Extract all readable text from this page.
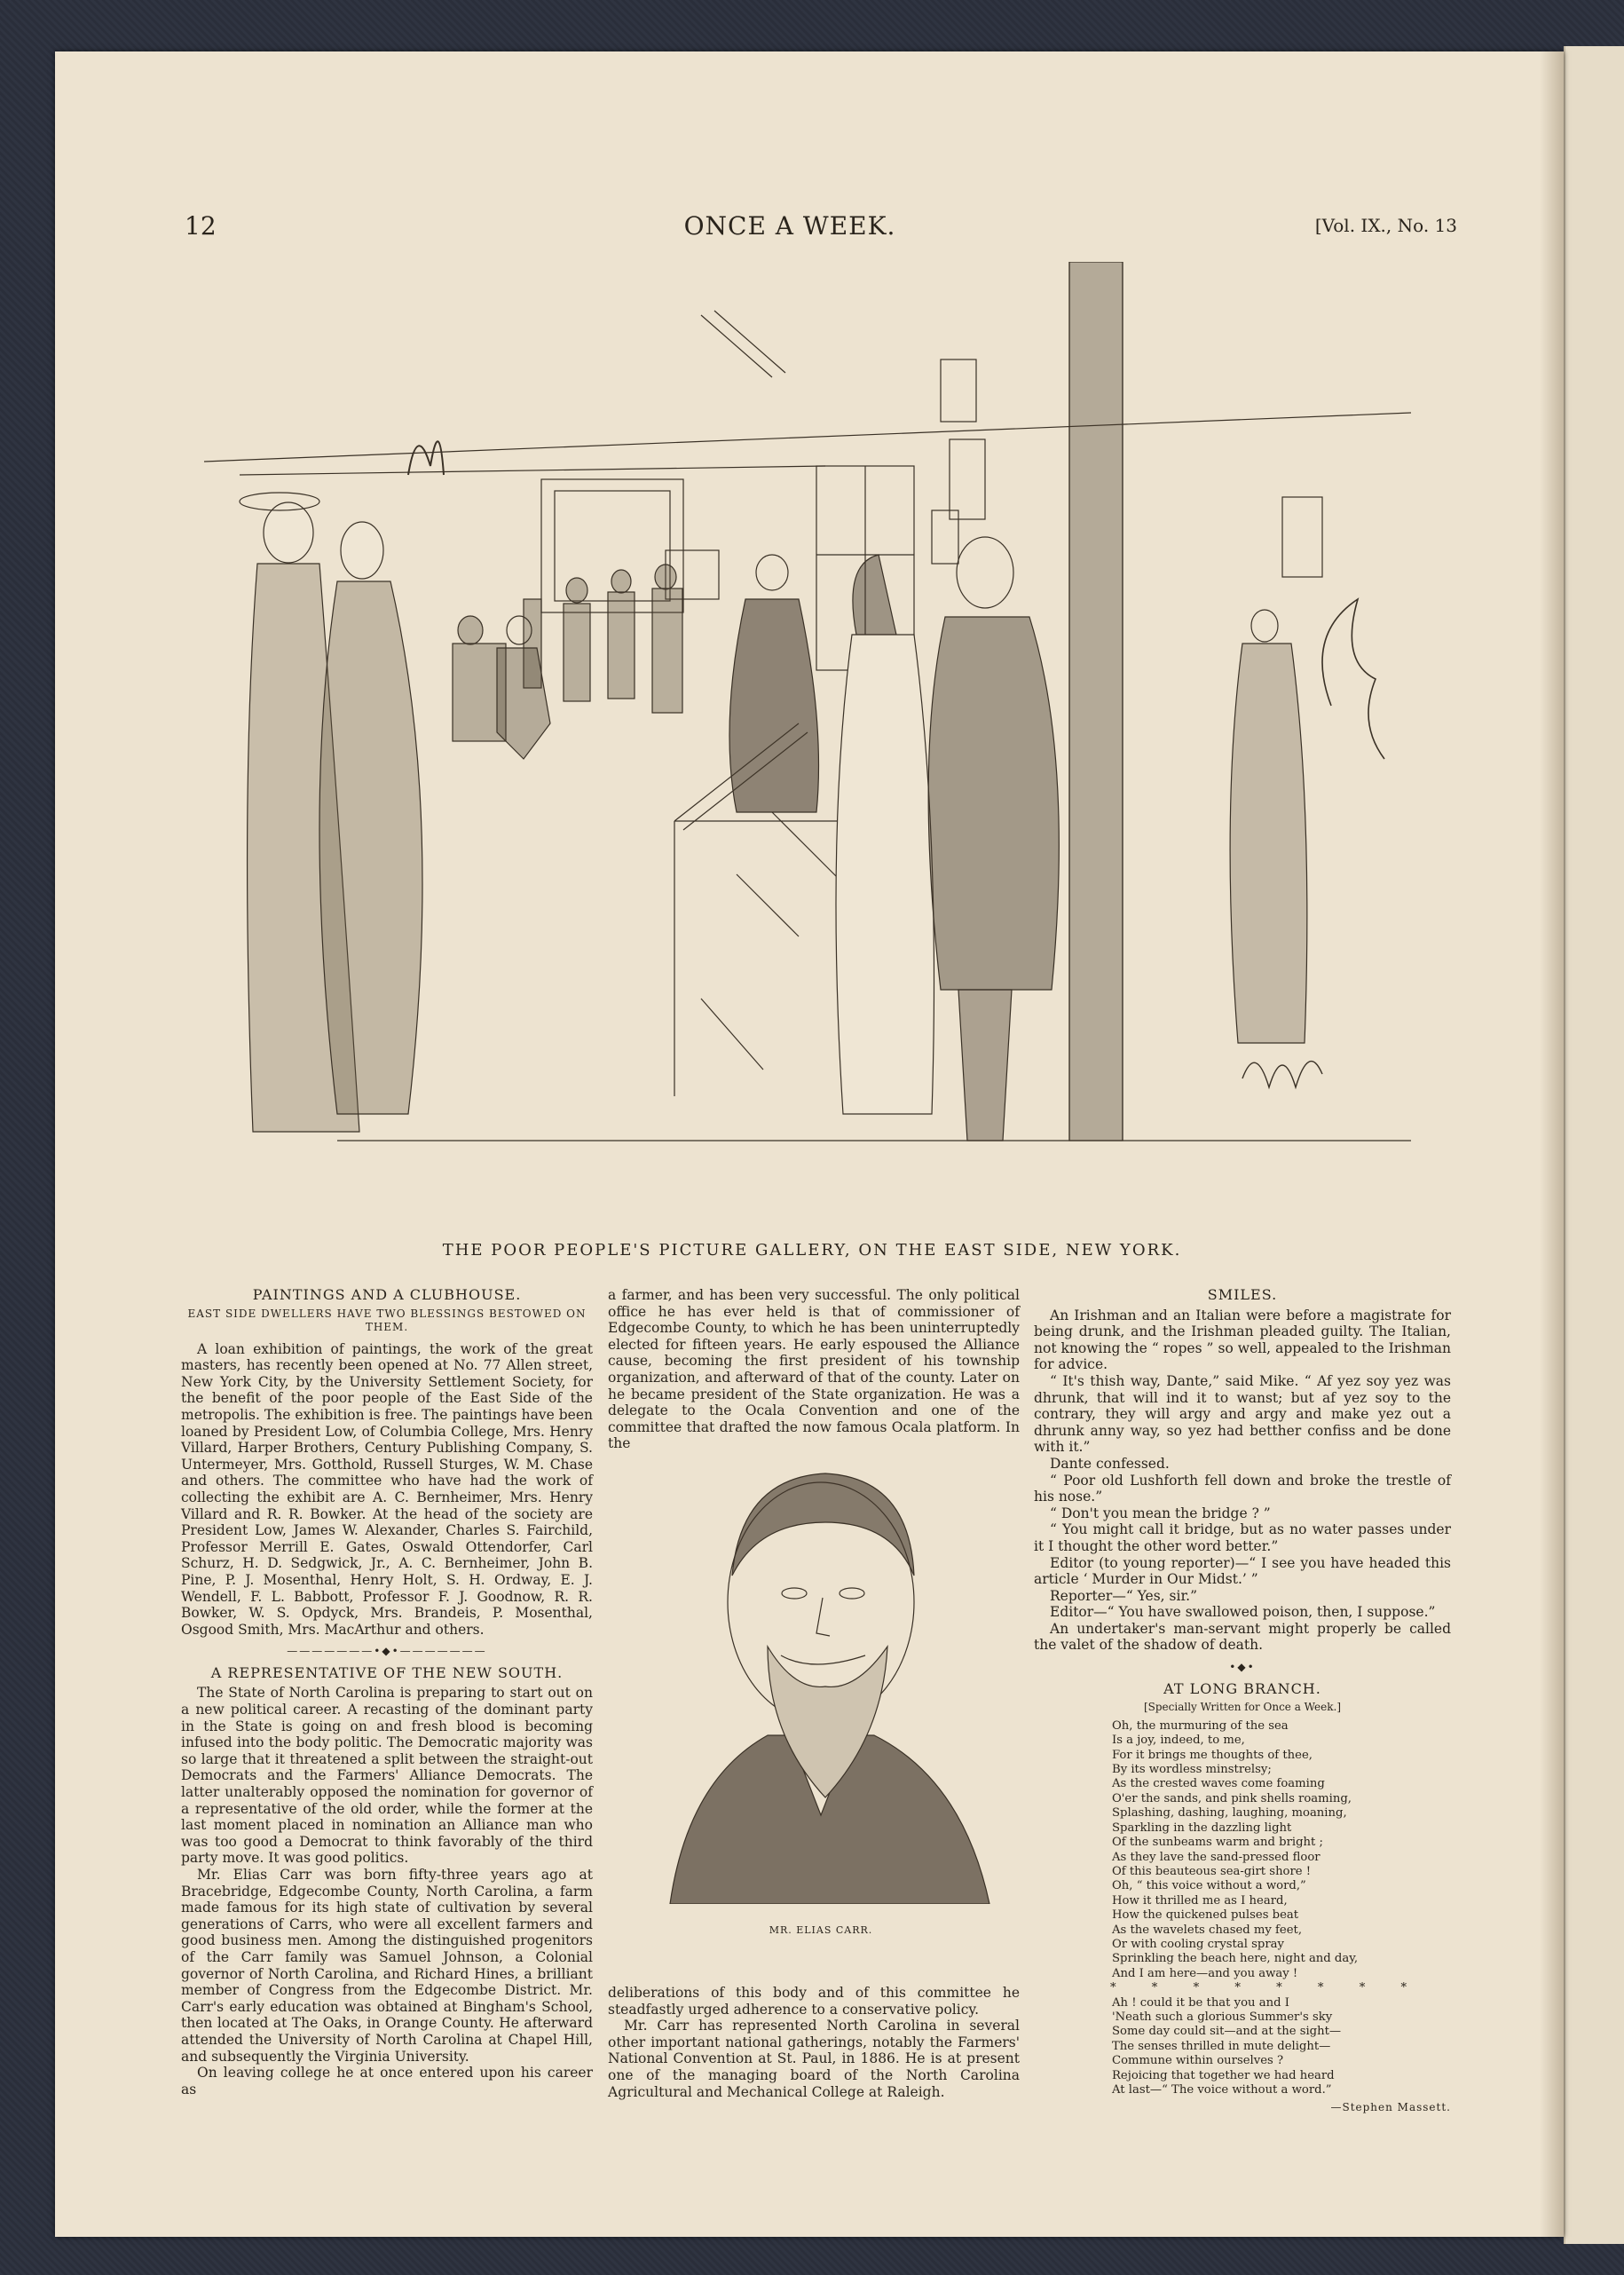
12	ONCE A WEEK.	[Vol. IX., No. 13
THE POOR PEOPLE'S PICTURE GALLERY, ON THE EAST SIDE, NEW YORK.
PAINTINGS AND A CLUBHOUSE.
EAST SIDE DWELLERS HAVE TWO BLESSINGS BESTOWED ON THEM.

A loan exhibition of paintings, the work of the great masters, has recently been opened at No. 77 Allen street, New York City, by the University Settlement Society, for the benefit of the poor people of the East Side of the metropolis. The exhibition is free. The paintings have been loaned by President Low, of Columbia College, Mrs. Henry Villard, Harper Brothers, Century Publishing Company, S. Untermeyer, Mrs. Gotthold, Russell Sturges, W. M. Chase and others. The committee who have had the work of collecting the exhibit are A. C. Bernheimer, Mrs. Henry Villard and R. R. Bowker. At the head of the society are President Low, James W. Alexander, Charles S. Fairchild, Professor Merrill E. Gates, Oswald Ottendorfer, Carl Schurz, H. D. Sedgwick, Jr., A. C. Bernheimer, John B. Pine, P. J. Mosenthal, Henry Holt, S. H. Ordway, E. J. Wendell, F. L. Babbott, Professor F. J. Goodnow, R. R. Bowker, W. S. Opdyck, Mrs. Brandeis, P. Mosenthal, Osgood Smith, Mrs. MacArthur and others.

———————•◆•———————
A REPRESENTATIVE OF THE NEW SOUTH.

The State of North Carolina is preparing to start out on a new political career. A recasting of the dominant party in the State is going on and fresh blood is becoming infused into the body politic. The Democratic majority was so large that it threatened a split between the straight-out Democrats and the Farmers' Alliance Democrats. The latter unalterably opposed the nomination for governor of a representative of the old order, while the former at the last moment placed in nomination an Alliance man who was too good a Democrat to think favorably of the third party move. It was good politics.

Mr. Elias Carr was born fifty-three years ago at Bracebridge, Edgecombe County, North Carolina, a farm made famous for its high state of cultivation by several generations of Carrs, who were all excellent farmers and good business men. Among the distinguished progenitors of the Carr family was Samuel Johnson, a Colonial governor of North Carolina, and Richard Hines, a brilliant member of Congress from the Edgecombe District. Mr. Carr's early education was obtained at Bingham's School, then located at The Oaks, in Orange County. He afterward attended the University of North Carolina at Chapel Hill, and subsequently the Virginia University.

On leaving college he at once entered upon his career as

a farmer, and has been very successful. The only political office he has ever held is that of commissioner of Edgecombe County, to which he has been uninterruptedly elected for fifteen years. He early espoused the Alliance cause, becoming the first president of his township organization, and afterward of that of the county. Later on he became president of the State organization. He was a delegate to the Ocala Convention and one of the committee that drafted the now famous Ocala platform. In the

MR. ELIAS CARR.

deliberations of this body and of this committee he steadfastly urged adherence to a conservative policy.

Mr. Carr has represented North Carolina in several other important national gatherings, notably the Farmers' National Convention at St. Paul, in 1886. He is at present one of the managing board of the North Carolina Agricultural and Mechanical College at Raleigh.

SMILES.

An Irishman and an Italian were before a magistrate for being drunk, and the Irishman pleaded guilty. The Italian, not knowing the “ ropes ” so well, appealed to the Irishman for advice.

“ It's thish way, Dante,” said Mike. “ Af yez soy yez was dhrunk, that will ind it to wanst; but af yez soy to the contrary, they will argy and argy and make yez out a dhrunk anny way, so yez had betther confiss and be done with it.”

Dante confessed.

“ Poor old Lushforth fell down and broke the trestle of his nose.”

“ Don't you mean the bridge ? ”

“ You might call it bridge, but as no water passes under it I thought the other word better.”

Editor (to young reporter)—“ I see you have headed this article ‘ Murder in Our Midst.’ ”

Reporter—“ Yes, sir.”

Editor—“ You have swallowed poison, then, I suppose.”

An undertaker's man-servant might properly be called the valet of the shadow of death.

•◆•
AT LONG BRANCH.
[Specially Written for Once a Week.]
Oh, the murmuring of the sea
Is a joy, indeed, to me,
For it brings me thoughts of thee,
By its wordless minstrelsy;
As the crested waves come foaming
O'er the sands, and pink shells roaming,
Splashing, dashing, laughing, moaning,
Sparkling in the dazzling light
Of the sunbeams warm and bright ;
As they lave the sand-pressed floor
Of this beauteous sea-girt shore !
Oh, “ this voice without a word,”
How it thrilled me as I heard,
How the quickened pulses beat
As the wavelets chased my feet,
Or with cooling crystal spray
Sprinkling the beach here, night and day,
And I am here—and you away !
* * * * * * * *
Ah ! could it be that you and I
'Neath such a glorious Summer's sky
Some day could sit—and at the sight—
The senses thrilled in mute delight—
Commune within ourselves ?
Rejoicing that together we had heard
At last—“ The voice without a word.”
—Stephen Massett.
